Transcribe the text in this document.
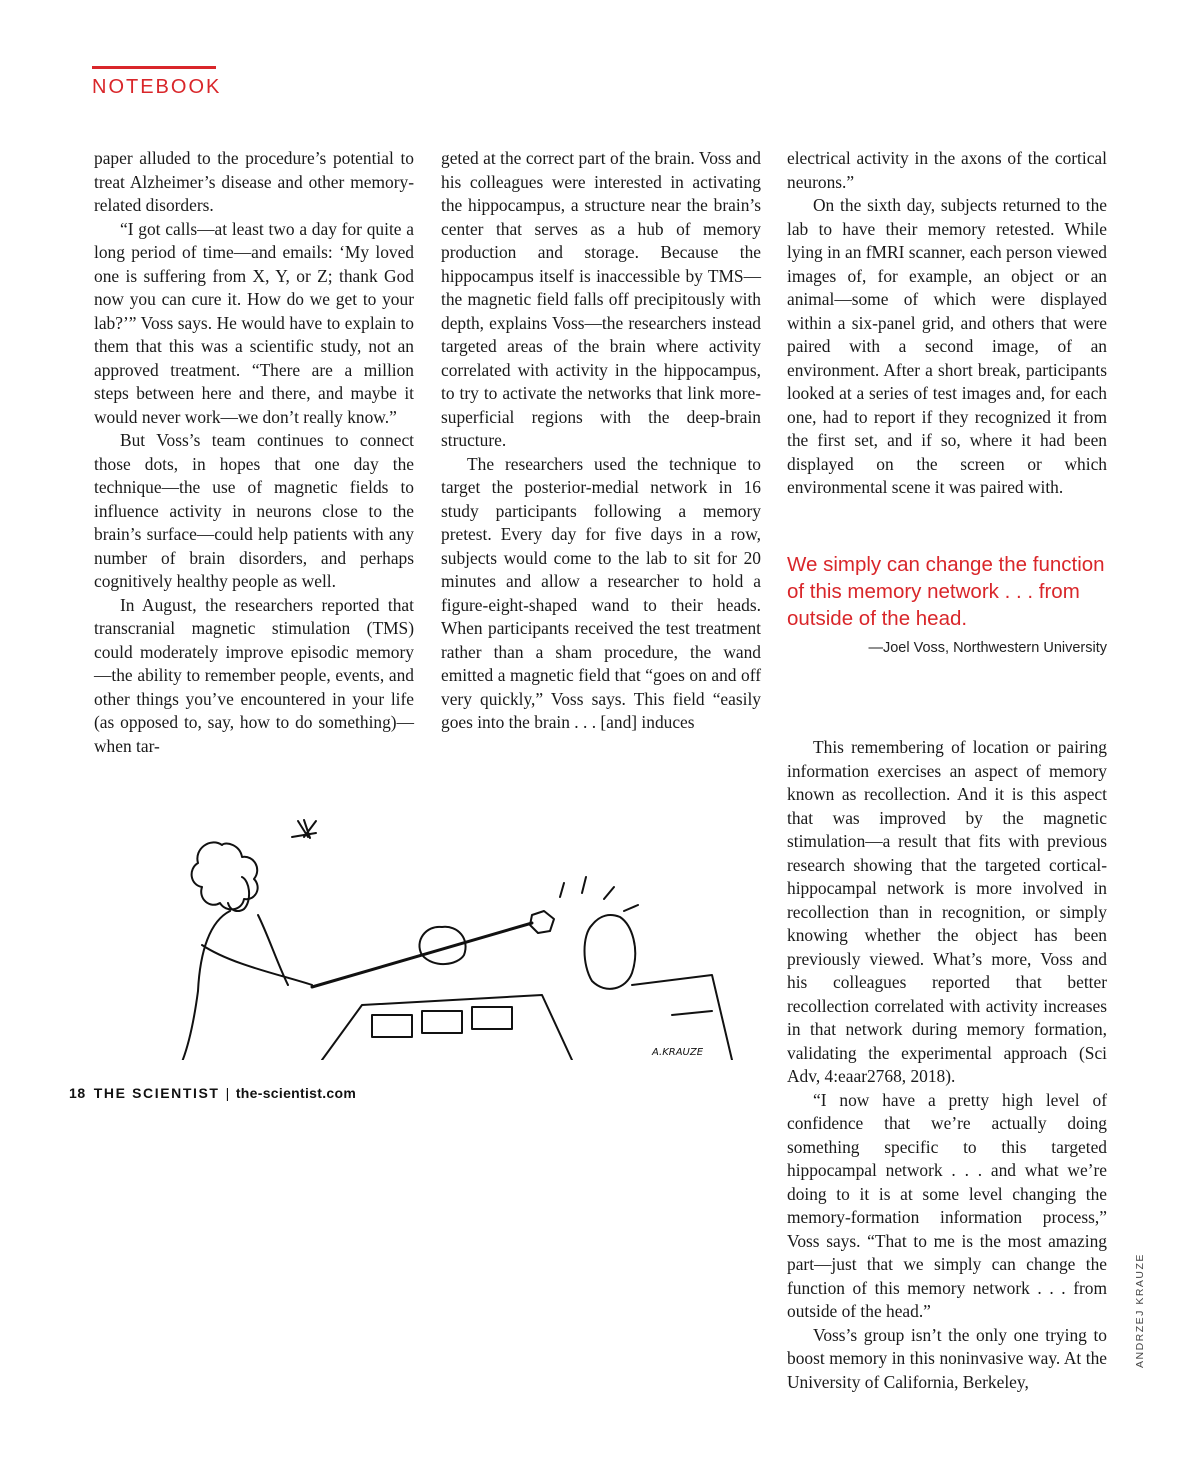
NOTEBOOK

paper alluded to the procedure’s potential to treat Alzheimer’s disease and other memory-related disorders.

“I got calls—at least two a day for quite a long period of time—and emails: ‘My loved one is suffering from X, Y, or Z; thank God now you can cure it. How do we get to your lab?’” Voss says. He would have to explain to them that this was a scientific study, not an approved treatment. “There are a million steps between here and there, and maybe it would never work—we don’t really know.”

But Voss’s team continues to connect those dots, in hopes that one day the technique—the use of magnetic fields to influence activity in neurons close to the brain’s surface—could help patients with any number of brain disorders, and perhaps cognitively healthy people as well.

In August, the researchers reported that transcranial magnetic stimulation (TMS) could moderately improve episodic memory—the ability to remember people, events, and other things you’ve encountered in your life (as opposed to, say, how to do something)—when tar-

geted at the correct part of the brain. Voss and his colleagues were interested in activating the hippocampus, a structure near the brain’s center that serves as a hub of memory production and storage. Because the hippocampus itself is inaccessible by TMS—the magnetic field falls off precipitously with depth, explains Voss—the researchers instead targeted areas of the brain where activity correlated with activity in the hippocampus, to try to activate the networks that link more-superficial regions with the deep-brain structure.

The researchers used the technique to target the posterior-medial network in 16 study participants following a memory pretest. Every day for five days in a row, subjects would come to the lab to sit for 20 minutes and allow a researcher to hold a figure-eight-shaped wand to their heads. When participants received the test treatment rather than a sham procedure, the wand emitted a magnetic field that “goes on and off very quickly,” Voss says. This field “easily goes into the brain . . . [and] induces

electrical activity in the axons of the cortical neurons.”

On the sixth day, subjects returned to the lab to have their memory retested. While lying in an fMRI scanner, each person viewed images of, for example, an object or an animal—some of which were displayed within a six-panel grid, and others that were paired with a second image, of an environment. After a short break, participants looked at a series of test images and, for each one, had to report if they recognized it from the first set, and if so, where it had been displayed on the screen or which environmental scene it was paired with.

We simply can change the function of this memory network . . . from outside of the head.

—Joel Voss, Northwestern University

This remembering of location or pairing information exercises an aspect of memory known as recollection. And it is this aspect that was improved by the magnetic stimulation—a result that fits with previous research showing that the targeted cortical-hippocampal network is more involved in recollection than in recognition, or simply knowing whether the object has been previously viewed. What’s more, Voss and his colleagues reported that better recollection correlated with activity increases in that network during memory formation, validating the experimental approach (Sci Adv, 4:eaar2768, 2018).

“I now have a pretty high level of confidence that we’re actually doing something specific to this targeted hippocampal network . . . and what we’re doing to it is at some level changing the memory-formation information process,” Voss says. “That to me is the most amazing part—just that we simply can change the function of this memory network . . . from outside of the head.”

Voss’s group isn’t the only one trying to boost memory in this noninvasive way. At the University of California, Berkeley,

A.KRAUZE
ANDRZEJ KRAUZE
18 THE SCIENTIST | the-scientist.com
